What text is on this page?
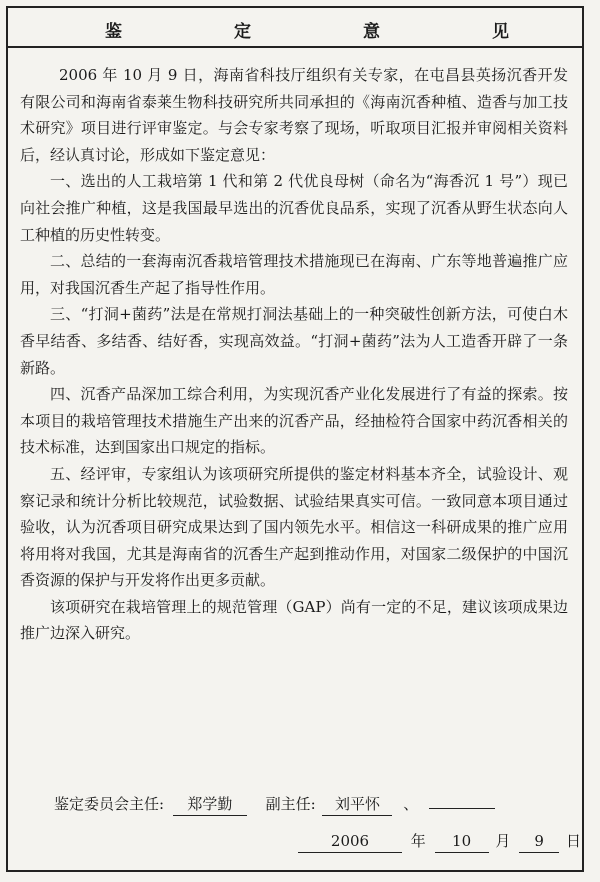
鉴	定	意	见

2006 年 10 月 9 日，海南省科技厅组织有关专家，在屯昌县英扬沉香开发有限公司和海南省泰莱生物科技研究所共同承担的《海南沉香种植、造香与加工技术研究》项目进行评审鉴定。与会专家考察了现场，听取项目汇报并审阅相关资料后，经认真讨论，形成如下鉴定意见：

一、选出的人工栽培第 1 代和第 2 代优良母树（命名为“海香沉 1 号”）现已向社会推广种植，这是我国最早选出的沉香优良品系，实现了沉香从野生状态向人工种植的历史性转变。

二、总结的一套海南沉香栽培管理技术措施现已在海南、广东等地普遍推广应用，对我国沉香生产起了指导性作用。

三、“打洞+菌药”法是在常规打洞法基础上的一种突破性创新方法，可使白木香早结香、多结香、结好香，实现高效益。“打洞+菌药”法为人工造香开辟了一条新路。

四、沉香产品深加工综合利用，为实现沉香产业化发展进行了有益的探索。按本项目的栽培管理技术措施生产出来的沉香产品，经抽检符合国家中药沉香相关的技术标准，达到国家出口规定的指标。

五、经评审，专家组认为该项研究所提供的鉴定材料基本齐全，试验设计、观察记录和统计分析比较规范，试验数据、试验结果真实可信。一致同意本项目通过验收，认为沉香项目研究成果达到了国内领先水平。相信这一科研成果的推广应用将用将对我国，尤其是海南省的沉香生产起到推动作用，对国家二级保护的中国沉香资源的保护与开发将作出更多贡献。

该项研究在栽培管理上的规范管理（GAP）尚有一定的不足，建议该项成果边推广边深入研究。

鉴定委员会主任: 郑学勤 副主任: 刘平怀 、
2006	年 10 月 9 日
